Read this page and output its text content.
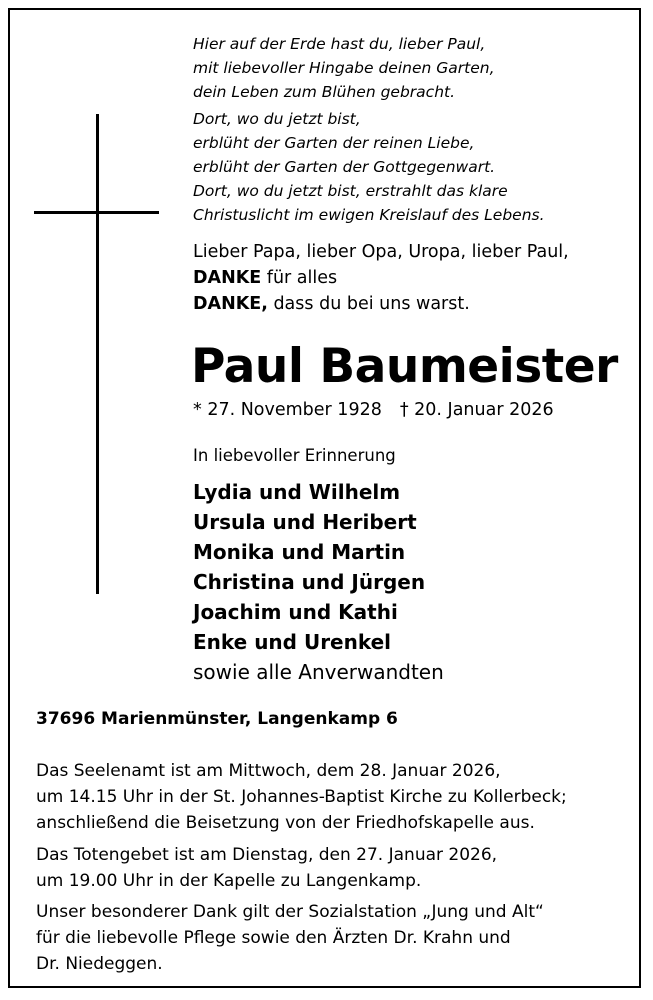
Hier auf der Erde hast du, lieber Paul,
mit liebevoller Hingabe deinen Garten,
dein Leben zum Blühen gebracht.
Dort, wo du jetzt bist,
erblüht der Garten der reinen Liebe,
erblüht der Garten der Gottgegenwart.
Dort, wo du jetzt bist, erstrahlt das klare
Christuslicht im ewigen Kreislauf des Lebens.
Lieber Papa, lieber Opa, Uropa, lieber Paul,
DANKE für alles
DANKE, dass du bei uns warst.
Paul Baumeister
* 27. November 1928 † 20. Januar 2026
In liebevoller Erinnerung
Lydia und Wilhelm
Ursula und Heribert
Monika und Martin
Christina und Jürgen
Joachim und Kathi
Enke und Urenkel
sowie alle Anverwandten
37696 Marienmünster, Langenkamp 6
Das Seelenamt ist am Mittwoch, dem 28. Januar 2026,
um 14.15 Uhr in der St. Johannes-Baptist Kirche zu Kollerbeck;
anschließend die Beisetzung von der Friedhofskapelle aus.
Das Totengebet ist am Dienstag, den 27. Januar 2026,
um 19.00 Uhr in der Kapelle zu Langenkamp.
Unser besonderer Dank gilt der Sozialstation „Jung und Alt“
für die liebevolle Pflege sowie den Ärzten Dr. Krahn und
Dr. Niedeggen.
